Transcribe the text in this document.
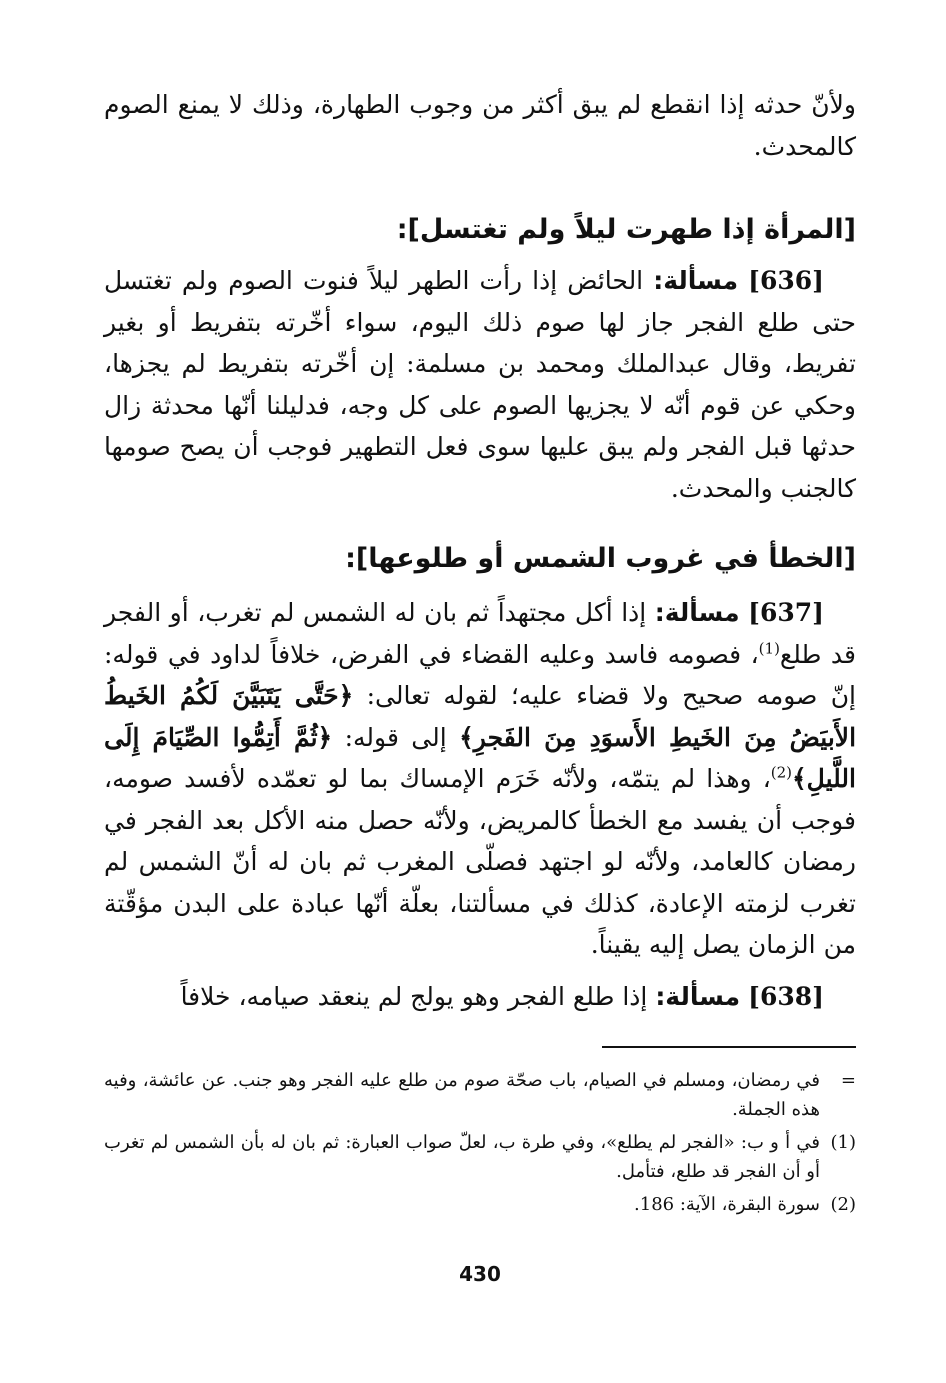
ولأنّ حدثه إذا انقطع لم يبق أكثر من وجوب الطهارة، وذلك لا يمنع الصوم كالمحدث.

[المرأة إذا طهرت ليلاً ولم تغتسل]:

[636] مسألة: الحائض إذا رأت الطهر ليلاً فنوت الصوم ولم تغتسل حتى طلع الفجر جاز لها صوم ذلك اليوم، سواء أخّرته بتفريط أو بغير تفريط، وقال عبدالملك ومحمد بن مسلمة: إن أخّرته بتفريط لم يجزها، وحكي عن قوم أنّه لا يجزيها الصوم على كل وجه، فدليلنا أنّها محدثة زال حدثها قبل الفجر ولم يبق عليها سوى فعل التطهير فوجب أن يصح صومها كالجنب والمحدث.

[الخطأ في غروب الشمس أو طلوعها]:

[637] مسألة: إذا أكل مجتهداً ثم بان له الشمس لم تغرب، أو الفجر قد طلع$^{(1)}$، فصومه فاسد وعليه القضاء في الفرض، خلافاً لداود في قوله: إنّ صومه صحيح ولا قضاء عليه؛ لقوله تعالى: ﴿حَتَّى يَتَبَيَّنَ لَكُمُ الخَيطُ الأَبيَضُ مِنَ الخَيطِ الأَسوَدِ مِنَ الفَجرِ﴾ إلى قوله: ﴿ثُمَّ أَتِمُّوا الصِّيَامَ إِلَى اللَّيلِ﴾$^{(2)}$، وهذا لم يتمّه، ولأنّه خَرَم الإمساك بما لو تعمّده لأفسد صومه، فوجب أن يفسد مع الخطأ كالمريض، ولأنّه حصل منه الأكل بعد الفجر في رمضان كالعامد، ولأنّه لو اجتهد فصلّى المغرب ثم بان له أنّ الشمس لم تغرب لزمته الإعادة، كذلك في مسألتنا، بعلّة أنّها عبادة على البدن مؤقّتة من الزمان يصل إليه يقيناً.

[638] مسألة: إذا طلع الفجر وهو يولج لم ينعقد صيامه، خلافاً

=
في رمضان، ومسلم في الصيام، باب صحّة صوم من طلع عليه الفجر وهو جنب. عن عائشة، وفيه هذه الجملة.

(1)
في أ و ب: «الفجر لم يطلع»، وفي طرة ب، لعلّ صواب العبارة: ثم بان له بأن الشمس لم تغرب أو أن الفجر قد طلع، فتأمل.

(2)
سورة البقرة، الآية: 186.

430
